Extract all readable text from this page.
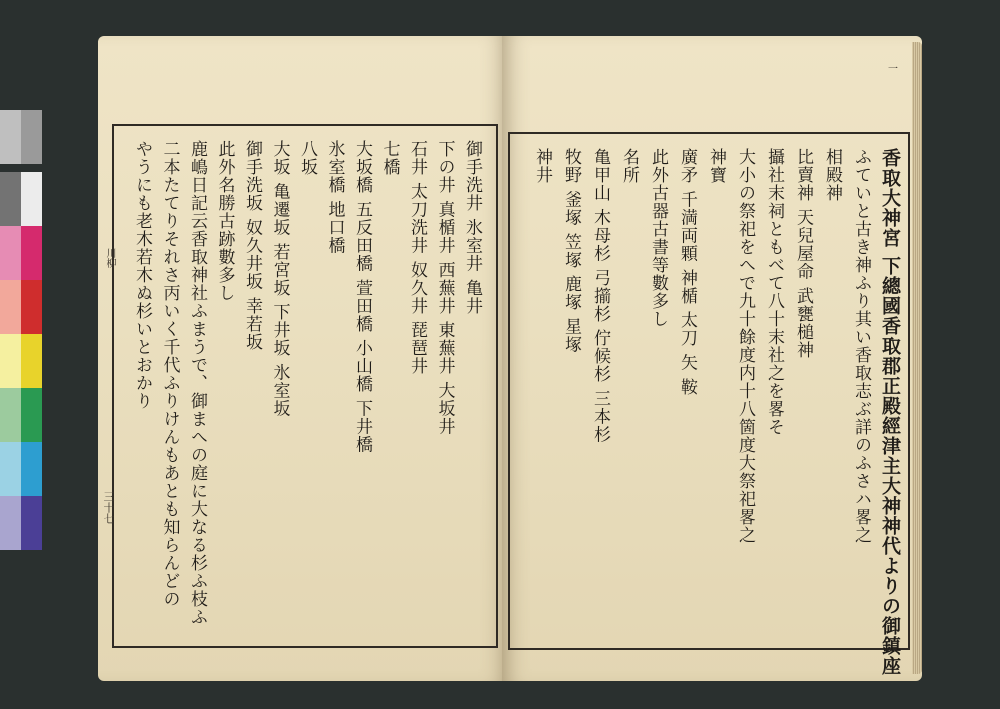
御手洗井 氷室井 亀井
下の井 真楯井 西蕪井 東蕪井 大坂井
石井 太刀洗井 奴久井 琵琶井
七橋
大坂橋 五反田橋 萱田橋 小山橋 下井橋
氷室橋 地口橋
八坂
大坂 亀遷坂 若宮坂 下井坂 氷室坂
御手洗坂 奴久井坂 幸若坂
此外名勝古跡數多し
鹿嶋日記云香取神社ふまうで、御まへの庭に大なる杉ふ枝ふ
二本たてりそれさ丙いく千代ふりけんもあとも知らんどの
やうにも老木若木ぬ杉いとおかり
川柳
三十七	香取大神宮 下總國香取郡正殿經津主大神神代よりの御鎮座
ふていと古き神ふり其い香取志ぶ詳のふさハ畧之
相殿神
比賣神 天兒屋命 武甕槌神
攝社末祠ともべて八十末社之を畧そ
大小の祭祀をへで九十餘度内十八箇度大祭祀畧之
神寶
廣矛 千満両顆 神楯 太刀 矢 鞍
此外古器古書等數多し
名所
亀甲山 木母杉 弓擶杉 佇候杉 三本杉
牧野 釜塚 笠塚 鹿塚 星塚
神井
一
